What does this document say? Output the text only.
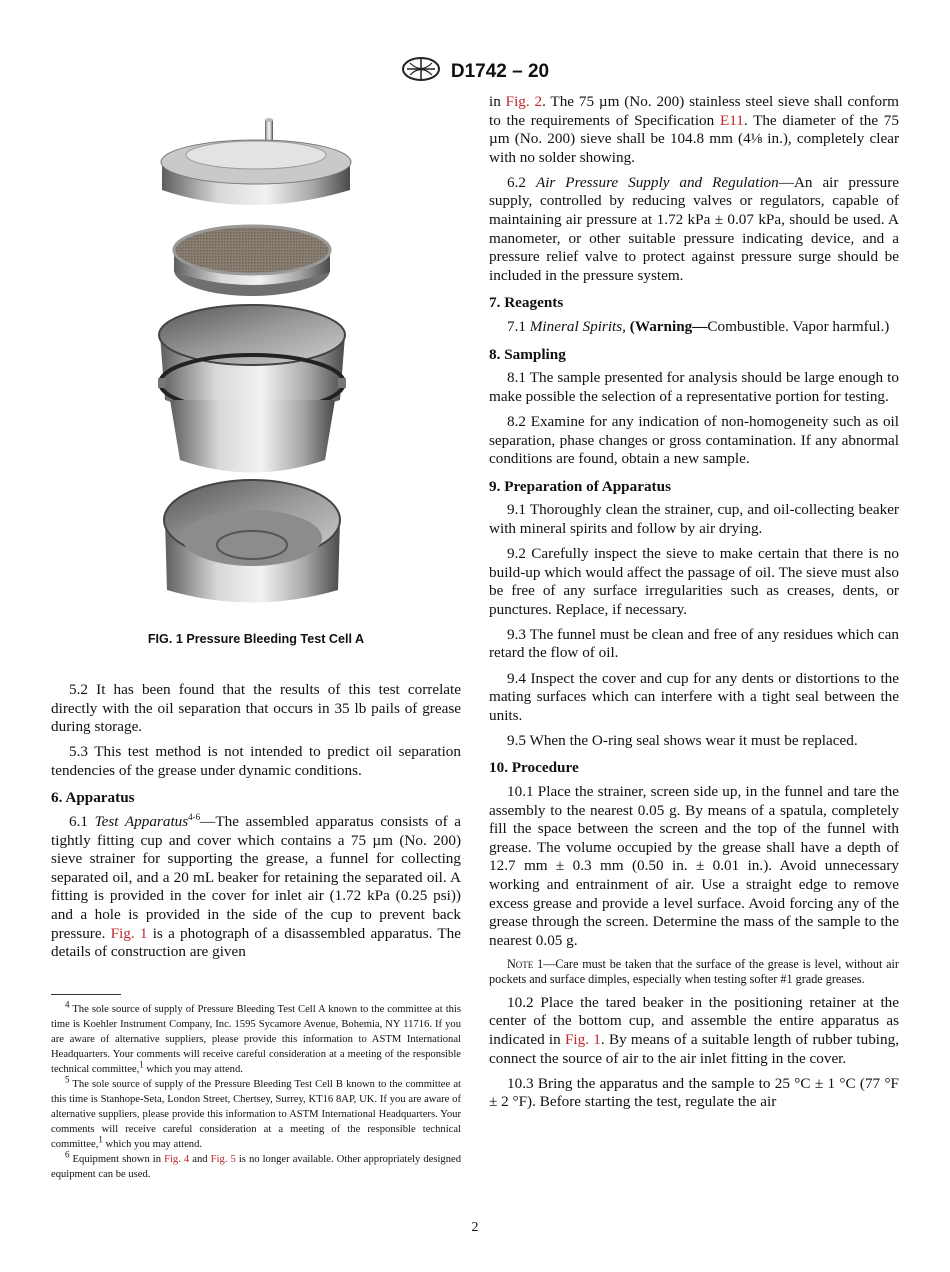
D1742 – 20
FIG. 1 Pressure Bleeding Test Cell A

5.2 It has been found that the results of this test correlate directly with the oil separation that occurs in 35 lb pails of grease during storage.

5.3 This test method is not intended to predict oil separation tendencies of the grease under dynamic conditions.

6. Apparatus

6.1 Test Apparatus$^{4-6}$—The assembled apparatus consists of a tightly fitting cup and cover which contains a 75 µm (No. 200) sieve strainer for supporting the grease, a funnel for collecting separated oil, and a 20 mL beaker for retaining the separated oil. A fitting is provided in the cover for inlet air (1.72 kPa (0.25 psi)) and a hole is provided in the side of the cup to prevent back pressure. Fig. 1 is a photograph of a disassembled apparatus. The details of construction are given

in Fig. 2. The 75 µm (No. 200) stainless steel sieve shall conform to the requirements of Specification E11. The diameter of the 75 µm (No. 200) sieve shall be 104.8 mm (4⅛ in.), completely clear with no solder showing.

6.2 Air Pressure Supply and Regulation—An air pressure supply, controlled by reducing valves or regulators, capable of maintaining air pressure at 1.72 kPa ± 0.07 kPa, should be used. A manometer, or other suitable pressure indicating device, and a pressure relief valve to protect against pressure surge should be included in the pressure system.

7. Reagents

7.1 Mineral Spirits, (Warning—Combustible. Vapor harmful.)

8. Sampling

8.1 The sample presented for analysis should be large enough to make possible the selection of a representative portion for testing.

8.2 Examine for any indication of non-homogeneity such as oil separation, phase changes or gross contamination. If any abnormal conditions are found, obtain a new sample.

9. Preparation of Apparatus

9.1 Thoroughly clean the strainer, cup, and oil-collecting beaker with mineral spirits and follow by air drying.

9.2 Carefully inspect the sieve to make certain that there is no build-up which would affect the passage of oil. The sieve must also be free of any surface irregularities such as creases, dents, or punctures. Replace, if necessary.

9.3 The funnel must be clean and free of any residues which can retard the flow of oil.

9.4 Inspect the cover and cup for any dents or distortions to the mating surfaces which can interfere with a tight seal between the units.

9.5 When the O-ring seal shows wear it must be replaced.

10. Procedure

10.1 Place the strainer, screen side up, in the funnel and tare the assembly to the nearest 0.05 g. By means of a spatula, completely fill the space between the screen and the top of the funnel with grease. The volume occupied by the grease shall have a depth of 12.7 mm ± 0.3 mm (0.50 in. ± 0.01 in.). Avoid unnecessary working and entrainment of air. Use a straight edge to remove excess grease and provide a level surface. Avoid forcing any of the grease through the screen. Determine the mass of the sample to the nearest 0.05 g.

Note 1—Care must be taken that the surface of the grease is level, without air pockets and surface dimples, especially when testing softer #1 grade greases.

10.2 Place the tared beaker in the positioning retainer at the center of the bottom cup, and assemble the entire apparatus as indicated in Fig. 1. By means of a suitable length of rubber tubing, connect the source of air to the air inlet fitting in the cover.

10.3 Bring the apparatus and the sample to 25 °C ± 1 °C (77 °F ± 2 °F). Before starting the test, regulate the air

$^4$ The sole source of supply of Pressure Bleeding Test Cell A known to the committee at this time is Koehler Instrument Company, Inc. 1595 Sycamore Avenue, Bohemia, NY 11716. If you are aware of alternative suppliers, please provide this information to ASTM International Headquarters. Your comments will receive careful consideration at a meeting of the responsible technical committee,$^1$ which you may attend.

$^5$ The sole source of supply of the Pressure Bleeding Test Cell B known to the committee at this time is Stanhope-Seta, London Street, Chertsey, Surrey, KT16 8AP, UK. If you are aware of alternative suppliers, please provide this information to ASTM International Headquarters. Your comments will receive careful consideration at a meeting of the responsible technical committee,$^1$ which you may attend.

$^6$ Equipment shown in Fig. 4 and Fig. 5 is no longer available. Other appropriately designed equipment can be used.

2
